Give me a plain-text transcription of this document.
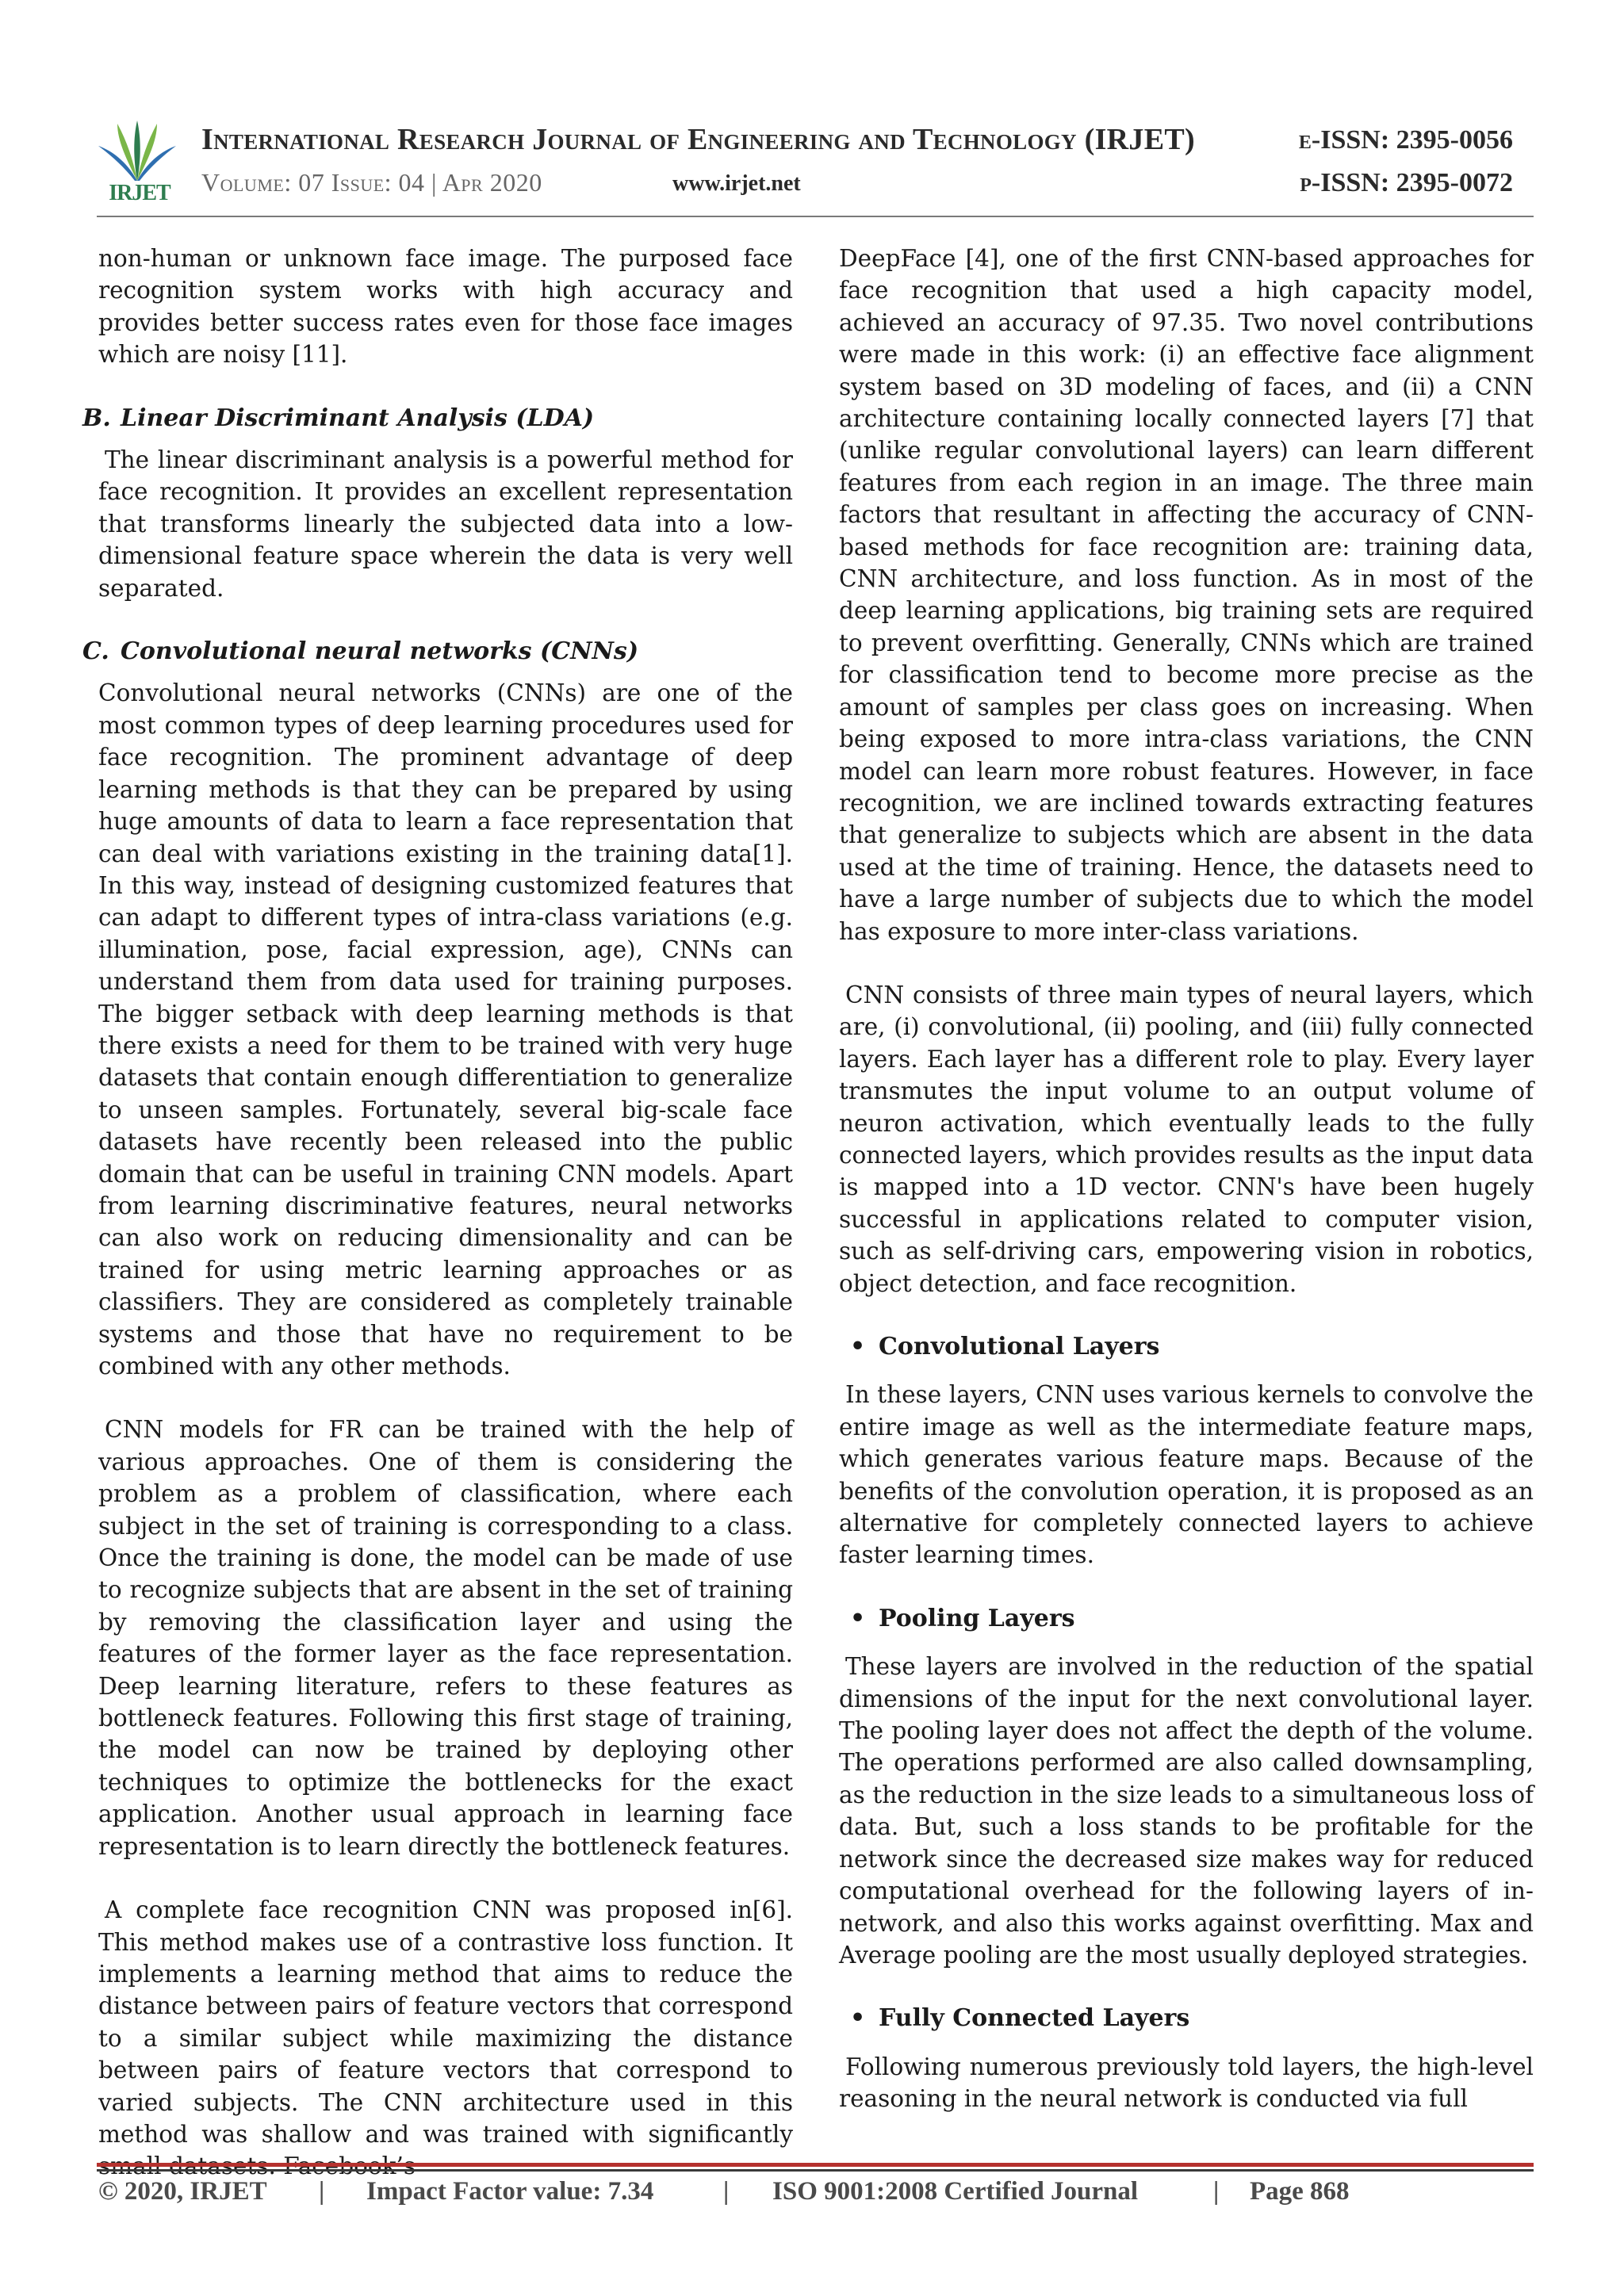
IRJET
International Research Journal of Engineering and Technology (IRJET)	e-ISSN: 2395-0056
Volume: 07 Issue: 04 | Apr 2020	www.irjet.net	p-ISSN: 2395-0072

non-human or unknown face image. The purposed face recognition system works with high accuracy and provides better success rates even for those face images which are noisy [11].

B. Linear Discriminant Analysis (LDA)

The linear discriminant analysis is a powerful method for face recognition. It provides an excellent representation that transforms linearly the subjected data into a low-dimensional feature space wherein the data is very well separated.

C. Convolutional neural networks (CNNs)

Convolutional neural networks (CNNs) are one of the most common types of deep learning procedures used for face recognition. The prominent advantage of deep learning methods is that they can be prepared by using huge amounts of data to learn a face representation that can deal with variations existing in the training data[1]. In this way, instead of designing customized features that can adapt to different types of intra-class variations (e.g. illumination, pose, facial expression, age), CNNs can understand them from data used for training purposes. The bigger setback with deep learning methods is that there exists a need for them to be trained with very huge datasets that contain enough differentiation to generalize to unseen samples. Fortunately, several big-scale face datasets have recently been released into the public domain that can be useful in training CNN models. Apart from learning discriminative features, neural networks can also work on reducing dimensionality and can be trained for using metric learning approaches or as classifiers. They are considered as completely trainable systems and those that have no requirement to be combined with any other methods.

CNN models for FR can be trained with the help of various approaches. One of them is considering the problem as a problem of classification, where each subject in the set of training is corresponding to a class. Once the training is done, the model can be made of use to recognize subjects that are absent in the set of training by removing the classification layer and using the features of the former layer as the face representation. Deep learning literature, refers to these features as bottleneck features. Following this first stage of training, the model can now be trained by deploying other techniques to optimize the bottlenecks for the exact application. Another usual approach in learning face representation is to learn directly the bottleneck features.

A complete face recognition CNN was proposed in[6]. This method makes use of a contrastive loss function. It implements a learning method that aims to reduce the distance between pairs of feature vectors that correspond to a similar subject while maximizing the distance between pairs of feature vectors that correspond to varied subjects. The CNN architecture used in this method was shallow and was trained with significantly

DeepFace [4], one of the first CNN-based approaches for face recognition that used a high capacity model, achieved an accuracy of 97.35. Two novel contributions were made in this work: (i) an effective face alignment system based on 3D modeling of faces, and (ii) a CNN architecture containing locally connected layers [7] that (unlike regular convolutional layers) can learn different features from each region in an image. The three main factors that resultant in affecting the accuracy of CNN-based methods for face recognition are: training data, CNN architecture, and loss function. As in most of the deep learning applications, big training sets are required to prevent overfitting. Generally, CNNs which are trained for classification tend to become more precise as the amount of samples per class goes on increasing. When being exposed to more intra-class variations, the CNN model can learn more robust features. However, in face recognition, we are inclined towards extracting features that generalize to subjects which are absent in the data used at the time of training. Hence, the datasets need to have a large number of subjects due to which the model has exposure to more inter-class variations.

CNN consists of three main types of neural layers, which are, (i) convolutional, (ii) pooling, and (iii) fully connected layers. Each layer has a different role to play. Every layer transmutes the input volume to an output volume of neuron activation, which eventually leads to the fully connected layers, which provides results as the input data is mapped into a 1D vector. CNN's have been hugely successful in applications related to computer vision, such as self-driving cars, empowering vision in robotics, object detection, and face recognition.

• Convolutional Layers

In these layers, CNN uses various kernels to convolve the entire image as well as the intermediate feature maps, which generates various feature maps. Because of the benefits of the convolution operation, it is proposed as an alternative for completely connected layers to achieve faster learning times.

• Pooling Layers

These layers are involved in the reduction of the spatial dimensions of the input for the next convolutional layer. The pooling layer does not affect the depth of the volume. The operations performed are also called downsampling, as the reduction in the size leads to a simultaneous loss of data. But, such a loss stands to be profitable for the network since the decreased size makes way for reduced computational overhead for the following layers of in-network, and also this works against overfitting. Max and Average pooling are the most usually deployed strategies.

• Fully Connected Layers

Following numerous previously told layers, the high-level reasoning in the neural network is conducted via full

© 2020, IRJET | Impact Factor value: 7.34	| ISO 9001:2008 Certified Journal	| Page 868
